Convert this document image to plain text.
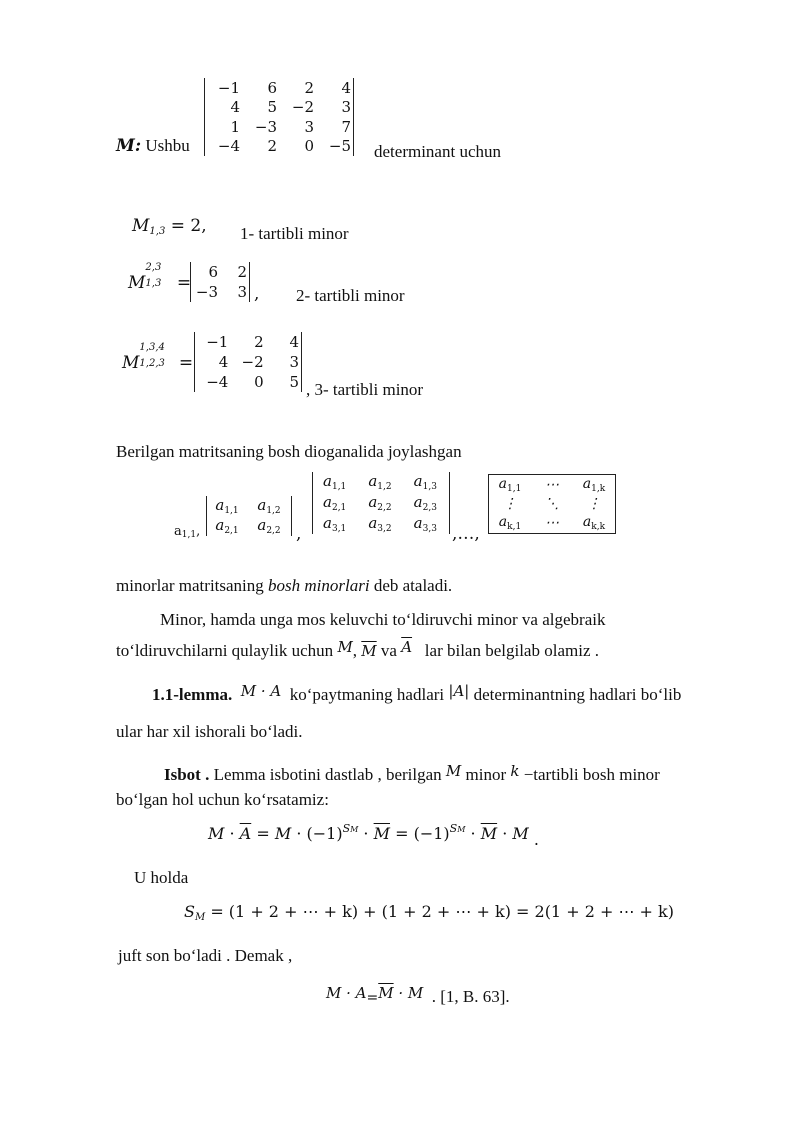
M: Ushbu
−1	6	2	4
4	5 −2	3
1 −3	3	7
−4	2	0 −5 determinant uchun
$M_{1,3} = 2$, 1- tartibli minor
M
2,3
1,3 =
6	2
−3	3 , 2- tartibli minor
M
1,3,4
1,2,3 =
−1	2	4
4 −2	3
−4	0	5 , 3- tartibli minor
Berilgan matritsaning bosh dioganalida joylashgan
a1,1,
$a_{1,1}$	$a_{1,2}$
$a_{2,1}$	$a_{2,2}$ ,
$a_{1,1}$	$a_{1,2}$	$a_{1,3}$
$a_{2,1}$	$a_{2,2}$	$a_{2,3}$
$a_{3,1}$	$a_{3,2}$	$a_{3,3}$ ,…,
$a_{1,1}$	⋯	$a_{1,k}$
⋮	⋱	⋮
$a_{k,1}$	⋯	$a_{k,k}$
minorlar matritsaning bosh minorlari deb ataladi.
Minor, hamda unga mos keluvchi to‘ldiruvchi minor va algebraik
to‘ldiruvchilarni qulaylik uchun M, $\overline{M}$ va $\overline{A}$ lar bilan belgilab olamiz .
1.1-lemma. M · A ko‘paytmaning hadlari |A| determinantning hadlari bo‘lib
ular har xil ishorali bo‘ladi.
Isbot . Lemma isbotini dastlab , berilgan M minor k −tartibli bosh minor
bo‘lgan hol uchun ko‘rsatamiz:
$M \cdot \overline{A} = M \cdot (-1)℠ \cdot \overline{M} = (-1)℠ \cdot \overline{M} \cdot M$ .
U holda
$S_M = (1 + 2$ + ⋯ + k) + (1 + 2 + ⋯ + k) = 2(1 + 2 + ⋯ + k)
juft son bo‘ladi . Demak ,
$M \cdot A=\overline{M} \cdot M$ . [1, B. 63].
